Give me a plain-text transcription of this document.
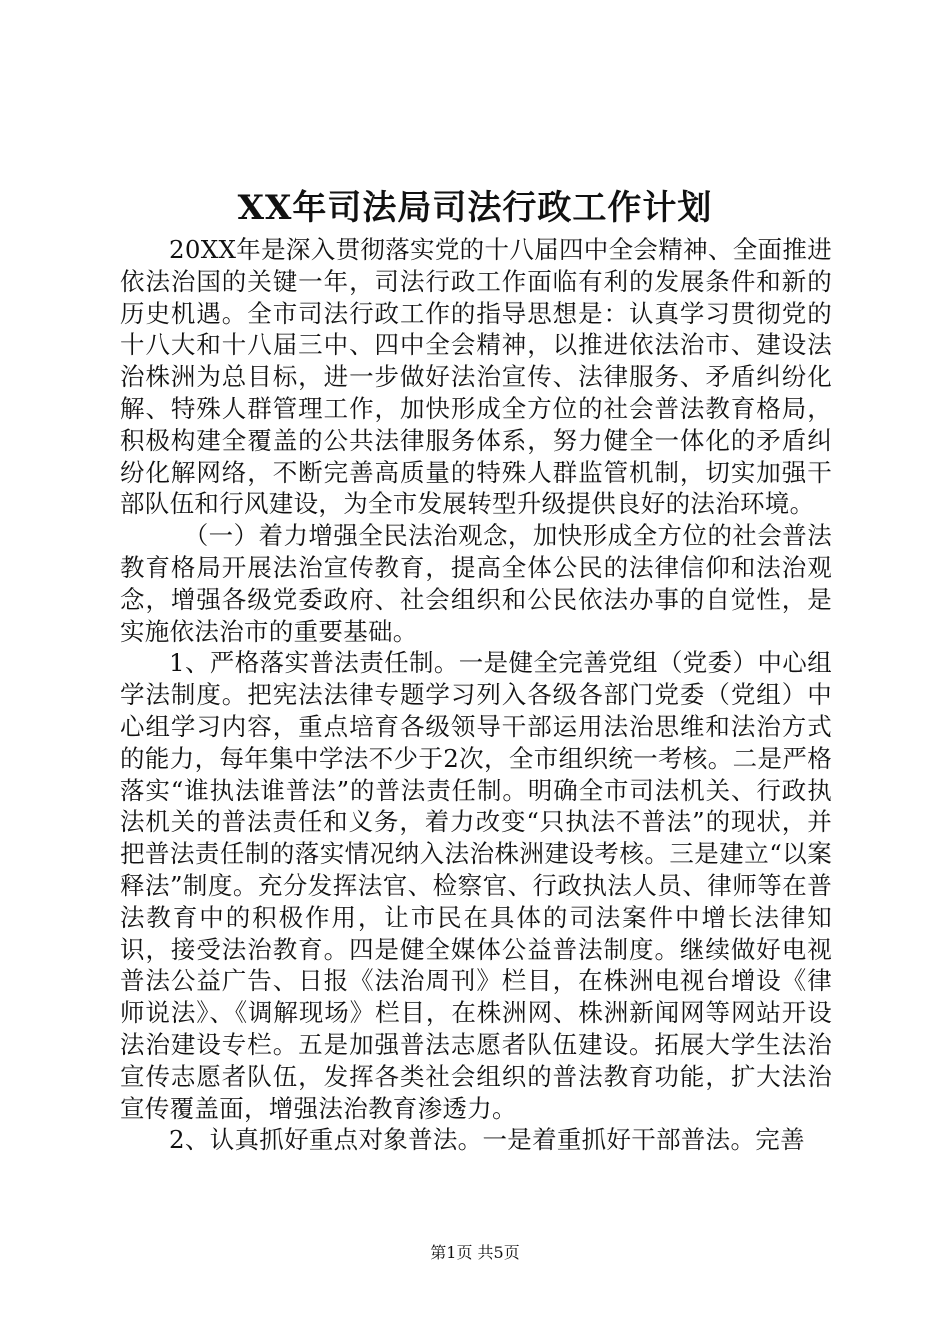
XX年司法局司法行政工作计划

20XX年是深入贯彻落实党的十八届四中全会精神、全面推进依法治国的关键一年，司法行政工作面临有利的发展条件和新的历史机遇。全市司法行政工作的指导思想是：认真学习贯彻党的十八大和十八届三中、四中全会精神，以推进依法治市、建设法治株洲为总目标，进一步做好法治宣传、法律服务、矛盾纠纷化解、特殊人群管理工作，加快形成全方位的社会普法教育格局，积极构建全覆盖的公共法律服务体系，努力健全一体化的矛盾纠纷化解网络，不断完善高质量的特殊人群监管机制，切实加强干部队伍和行风建设，为全市发展转型升级提供良好的法治环境。

（一）着力增强全民法治观念，加快形成全方位的社会普法教育格局开展法治宣传教育，提高全体公民的法律信仰和法治观念，增强各级党委政府、社会组织和公民依法办事的自觉性，是实施依法治市的重要基础。

1、严格落实普法责任制。一是健全完善党组（党委）中心组学法制度。把宪法法律专题学习列入各级各部门党委（党组）中心组学习内容，重点培育各级领导干部运用法治思维和法治方式的能力，每年集中学法不少于2次，全市组织统一考核。二是严格落实“谁执法谁普法”的普法责任制。明确全市司法机关、行政执法机关的普法责任和义务，着力改变“只执法不普法”的现状，并把普法责任制的落实情况纳入法治株洲建设考核。三是建立“以案释法”制度。充分发挥法官、检察官、行政执法人员、律师等在普法教育中的积极作用，让市民在具体的司法案件中增长法律知识，接受法治教育。四是健全媒体公益普法制度。继续做好电视普法公益广告、日报《法治周刊》栏目，在株洲电视台增设《律师说法》、《调解现场》栏目，在株洲网、株洲新闻网等网站开设法治建设专栏。五是加强普法志愿者队伍建设。拓展大学生法治宣传志愿者队伍，发挥各类社会组织的普法教育功能，扩大法治宣传覆盖面，增强法治教育渗透力。

2、认真抓好重点对象普法。一是着重抓好干部普法。完善

第1页 共5页
